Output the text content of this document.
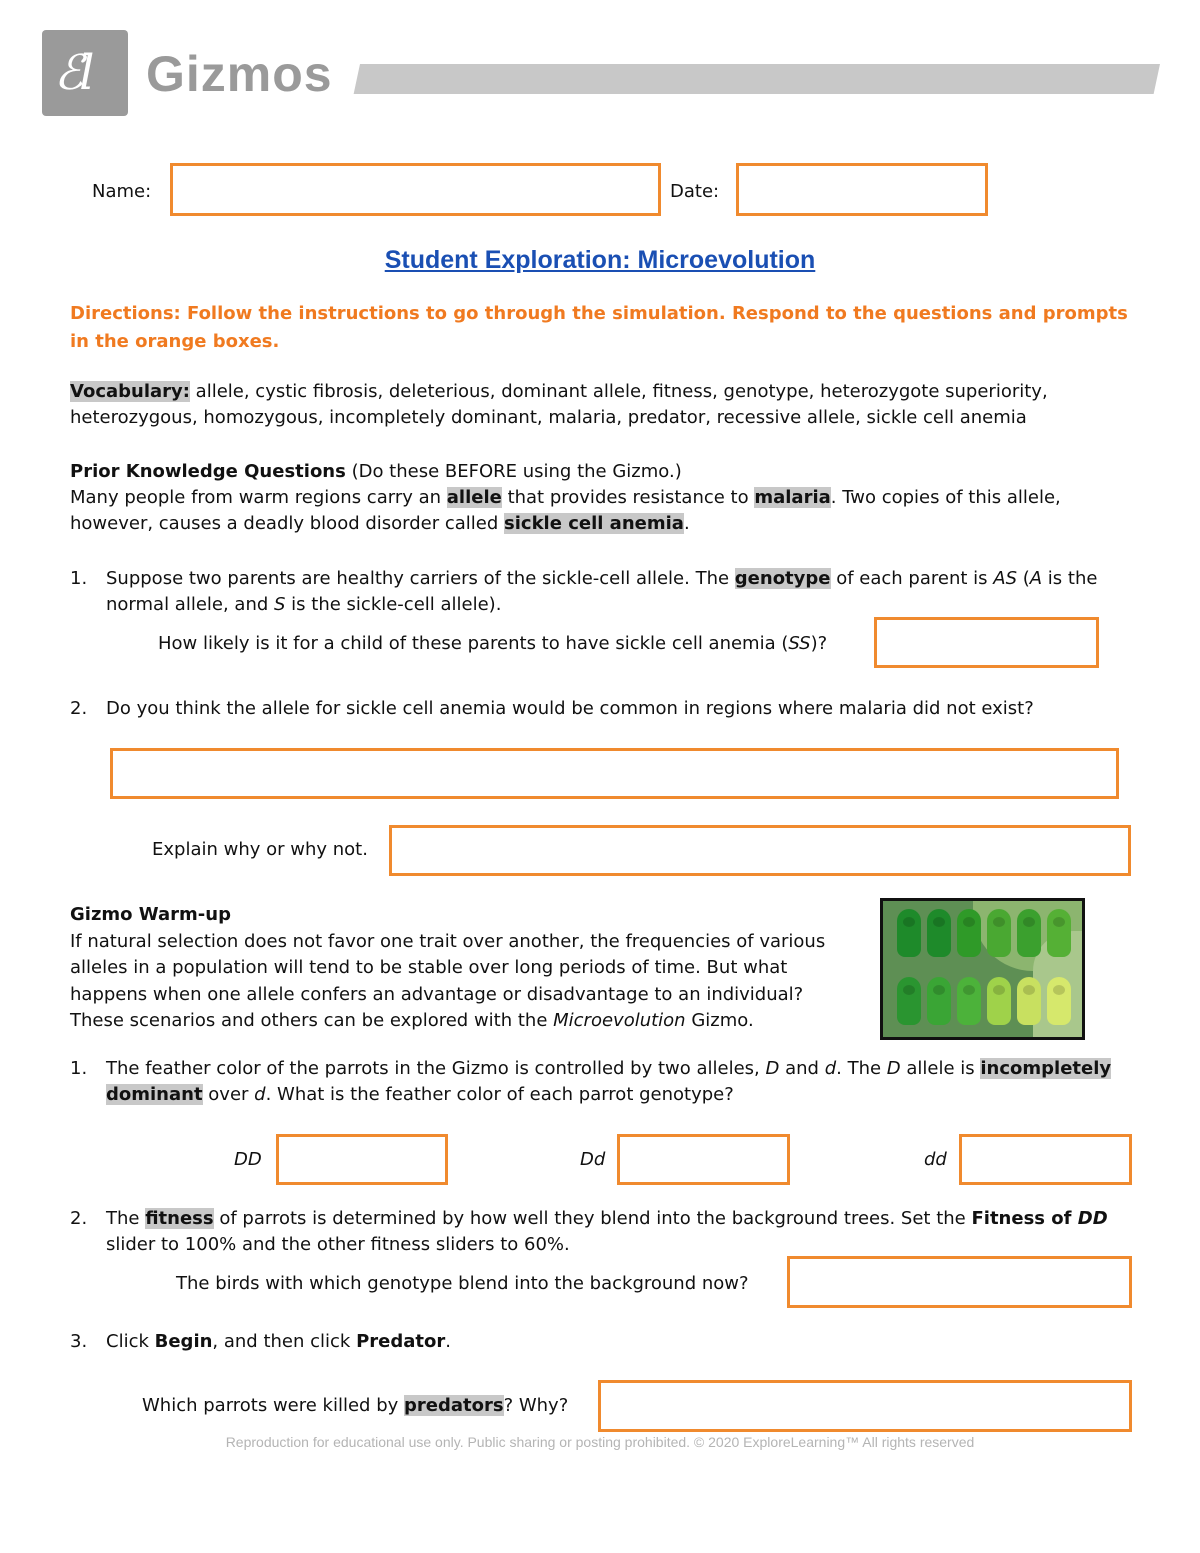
ℰl Gizmos
Name:	Date:
Student Exploration: Microevolution
Directions: Follow the instructions to go through the simulation. Respond to the questions and prompts in the orange boxes.
Vocabulary: allele, cystic fibrosis, deleterious, dominant allele, fitness, genotype, heterozygote superiority, heterozygous, homozygous, incompletely dominant, malaria, predator, recessive allele, sickle cell anemia
Prior Knowledge Questions (Do these BEFORE using the Gizmo.)
Many people from warm regions carry an allele that provides resistance to malaria. Two copies of this allele, however, causes a deadly blood disorder called sickle cell anemia.
1.	Suppose two parents are healthy carriers of the sickle-cell allele. The genotype of each parent is AS (A is the normal allele, and S is the sickle-cell allele).
How likely is it for a child of these parents to have sickle cell anemia (SS)?
2.	Do you think the allele for sickle cell anemia would be common in regions where malaria did not exist?
Explain why or why not.
Gizmo Warm-up
If natural selection does not favor one trait over another, the frequencies of various alleles in a population will tend to be stable over long periods of time. But what happens when one allele confers an advantage or disadvantage to an individual? These scenarios and others can be explored with the Microevolution Gizmo.
1.	The feather color of the parrots in the Gizmo is controlled by two alleles, D and d. The D allele is incompletely dominant over d. What is the feather color of each parrot genotype?
DD	Dd	dd
2.	The fitness of parrots is determined by how well they blend into the background trees. Set the Fitness of DD slider to 100% and the other fitness sliders to 60%.
The birds with which genotype blend into the background now?
3.	Click Begin, and then click Predator.
Which parrots were killed by predators? Why?
Reproduction for educational use only. Public sharing or posting prohibited. © 2020 ExploreLearning™ All rights reserved
